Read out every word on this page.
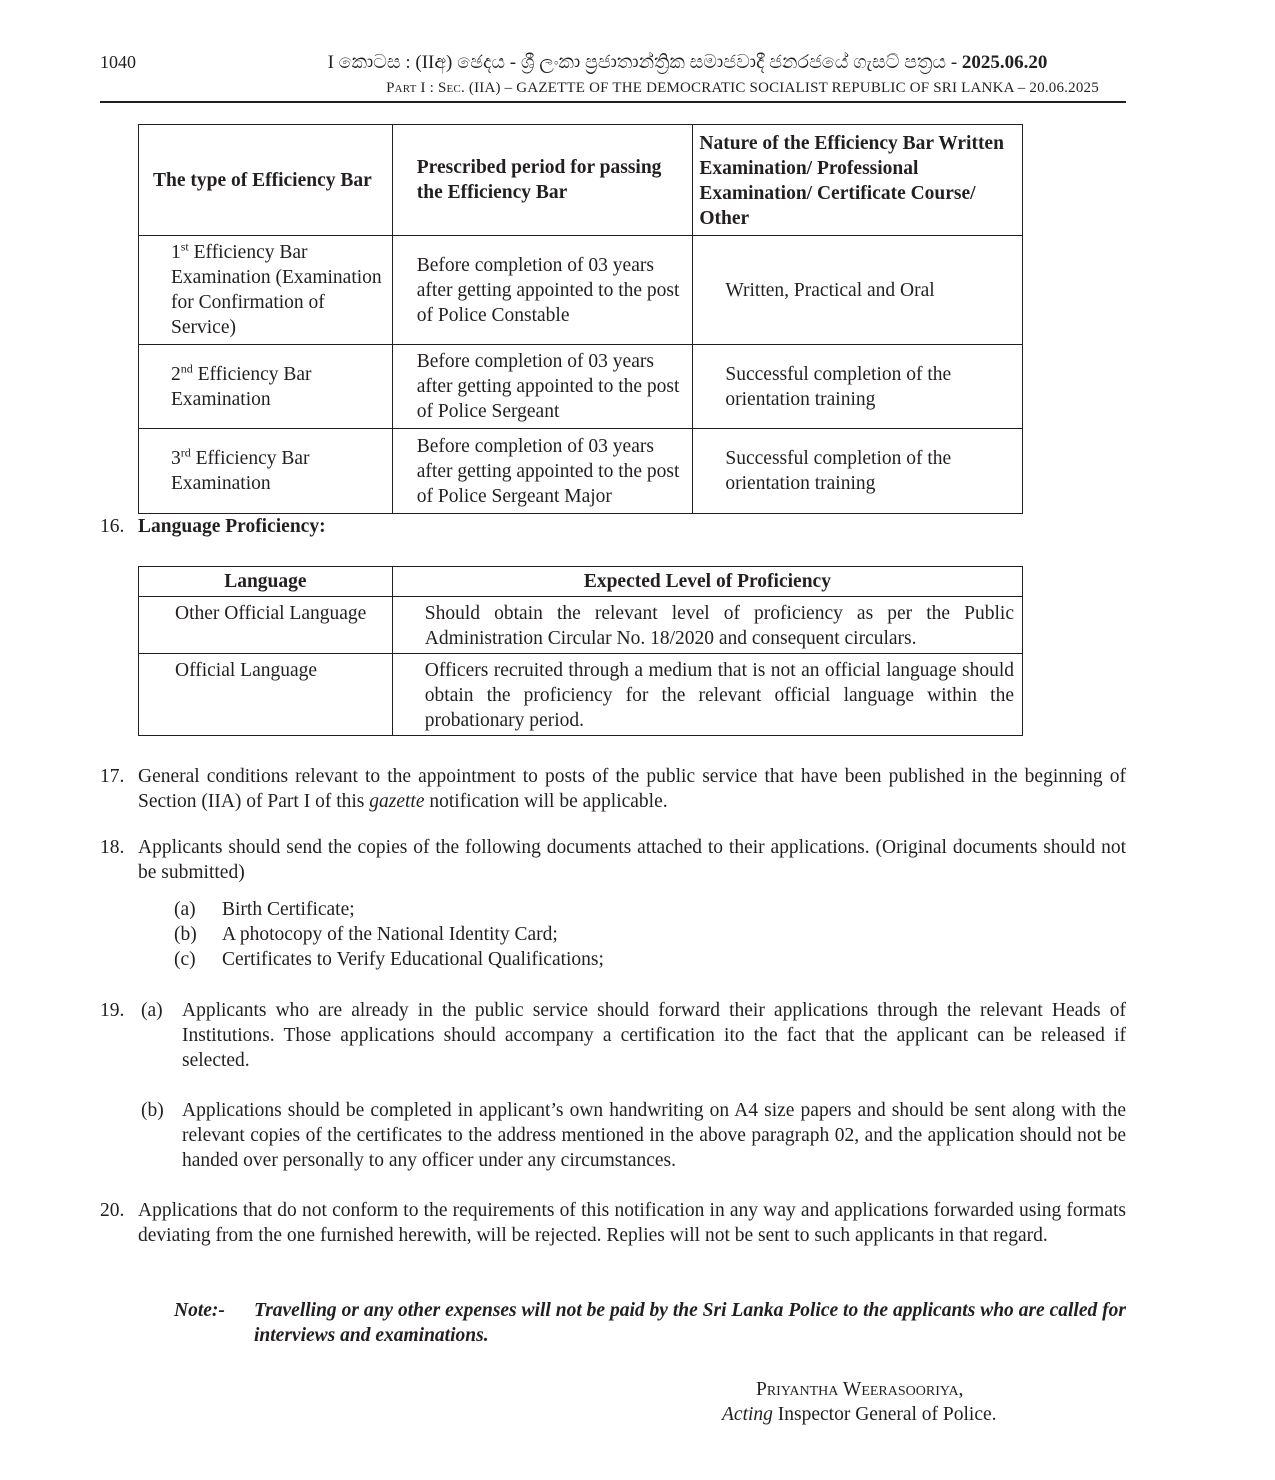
1040	I කොටස : (IIඅ) ඡෙදය - ශ්‍රී ලංකා ප්‍රජාතාන්ත්‍රික සමාජවාදී ජනරජයේ ගැසට් පත්‍රය - 2025.06.20
Part I : Sec. (IIA) – GAZETTE OF THE DEMOCRATIC SOCIALIST REPUBLIC OF SRI LANKA – 20.06.2025
The type of Efficiency Bar	Prescribed period for passing the Efficiency Bar	Nature of the Efficiency Bar Written Examination/ Professional Examination/ Certificate Course/ Other
1st Efficiency Bar Examination (Examination for Confirmation of Service)	Before completion of 03 years after getting appointed to the post of Police Constable	Written, Practical and Oral
2nd Efficiency Bar Examination	Before completion of 03 years after getting appointed to the post of Police Sergeant	Successful completion of the orientation training
3rd Efficiency Bar Examination	Before completion of 03 years after getting appointed to the post of Police Sergeant Major	Successful completion of the orientation training
16. Language Proficiency:
Language	Expected Level of Proficiency
Other Official Language	Should obtain the relevant level of proficiency as per the Public Administration Circular No. 18/2020 and consequent circulars.
Official Language	Officers recruited through a medium that is not an official language should obtain the proficiency for the relevant official language within the probationary period.
17. General conditions relevant to the appointment to posts of the public service that have been published in the beginning of Section (IIA) of Part I of this gazette notification will be applicable.
18. Applicants should send the copies of the following documents attached to their applications. (Original documents should not be submitted)
(a) Birth Certificate;
(b) A photocopy of the National Identity Card;
(c) Certificates to Verify Educational Qualifications;
19. (a) Applicants who are already in the public service should forward their applications through the relevant Heads of Institutions. Those applications should accompany a certification ito the fact that the applicant can be released if selected.
(b) Applications should be completed in applicant’s own handwriting on A4 size papers and should be sent along with the relevant copies of the certificates to the address mentioned in the above paragraph 02, and the application should not be handed over personally to any officer under any circumstances.
20. Applications that do not conform to the requirements of this notification in any way and applications forwarded using formats deviating from the one furnished herewith, will be rejected. Replies will not be sent to such applicants in that regard.
Note:-	Travelling or any other expenses will not be paid by the Sri Lanka Police to the applicants who are called for interviews and examinations.
Priyantha Weerasooriya,
Acting Inspector General of Police.
